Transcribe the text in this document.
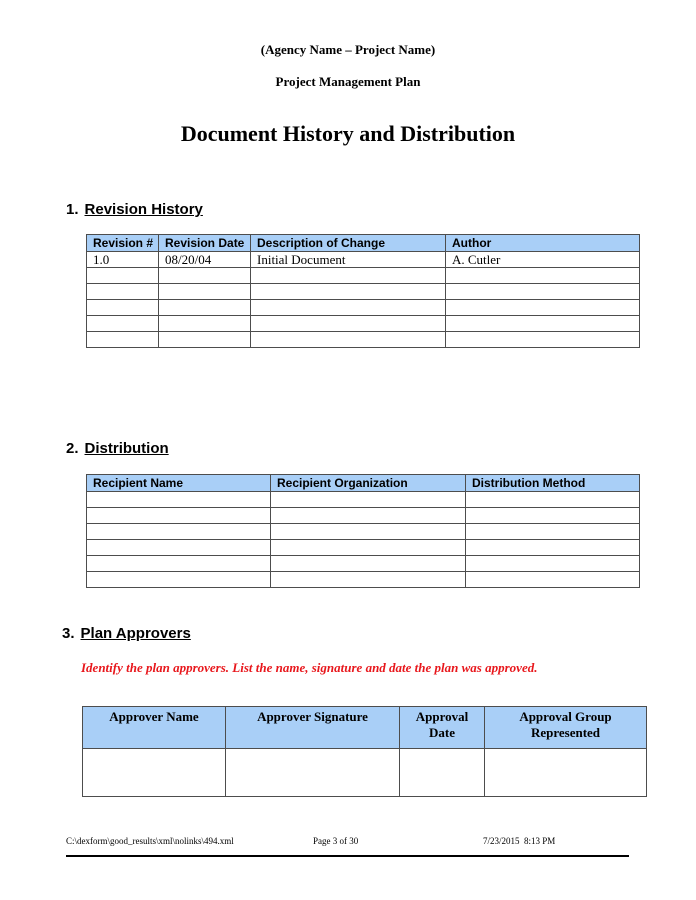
(Agency Name – Project Name)
Project Management Plan
Document History and Distribution
1. Revision History
Revision #	Revision Date	Description of Change	Author
1.0	08/20/04	Initial Document	A. Cutler

2. Distribution
Recipient Name	Recipient Organization	Distribution Method

3. Plan Approvers
Identify the plan approvers. List the name, signature and date the plan was approved.
Approver Name	Approver Signature	Approval Date	Approval Group Represented

C:\dexform\good_results\xml\nolinks\494.xml	Page 3 of 30	7/23/2015  8:13 PM
